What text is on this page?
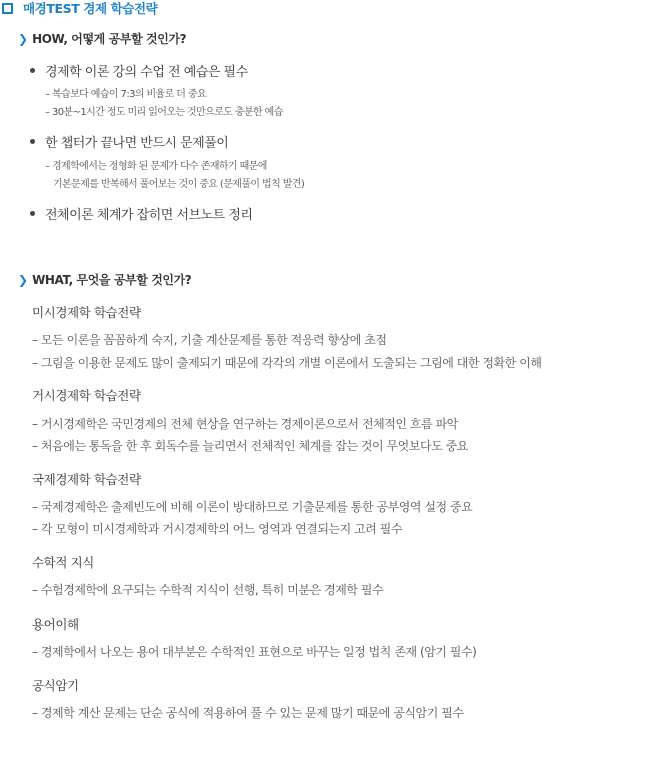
매경TEST 경제 학습전략
❯ HOW, 어떻게 공부할 것인가?
경제학 이론 강의 수업 전 예습은 필수
– 복습보다 예습이 7:3의 비율로 더 중요
– 30분~1시간 정도 미리 읽어오는 것만으로도 충분한 예습
한 챕터가 끝나면 반드시 문제풀이
– 경제학에서는 정형화 된 문제가 다수 존재하기 때문에
기본문제를 반복해서 풀어보는 것이 중요 (문제풀이 법칙 발견)
전체이론 체계가 잡히면 서브노트 정리
❯ WHAT, 무엇을 공부할 것인가?
미시경제학 학습전략
– 모든 이론을 꼼꼼하게 숙지, 기출 계산문제를 통한 적응력 향상에 초점
– 그림을 이용한 문제도 많이 출제되기 때문에 각각의 개별 이론에서 도출되는 그림에 대한 정확한 이해
거시경제학 학습전략
– 거시경제학은 국민경제의 전체 현상을 연구하는 경제이론으로서 전체적인 흐름 파악
– 처음에는 통독을 한 후 회독수를 늘리면서 전체적인 체계를 잡는 것이 무엇보다도 중요
국제경제학 학습전략
– 국제경제학은 출제빈도에 비해 이론이 방대하므로 기출문제를 통한 공부영역 설정 중요
– 각 모형이 미시경제학과 거시경제학의 어느 영역과 연결되는지 고려 필수
수학적 지식
– 수험경제학에 요구되는 수학적 지식이 선행, 특히 미분은 경제학 필수
용어이해
– 경제학에서 나오는 용어 대부분은 수학적인 표현으로 바꾸는 일정 법칙 존재 (암기 필수)
공식암기
– 경제학 계산 문제는 단순 공식에 적용하여 풀 수 있는 문제 많기 때문에 공식암기 필수
